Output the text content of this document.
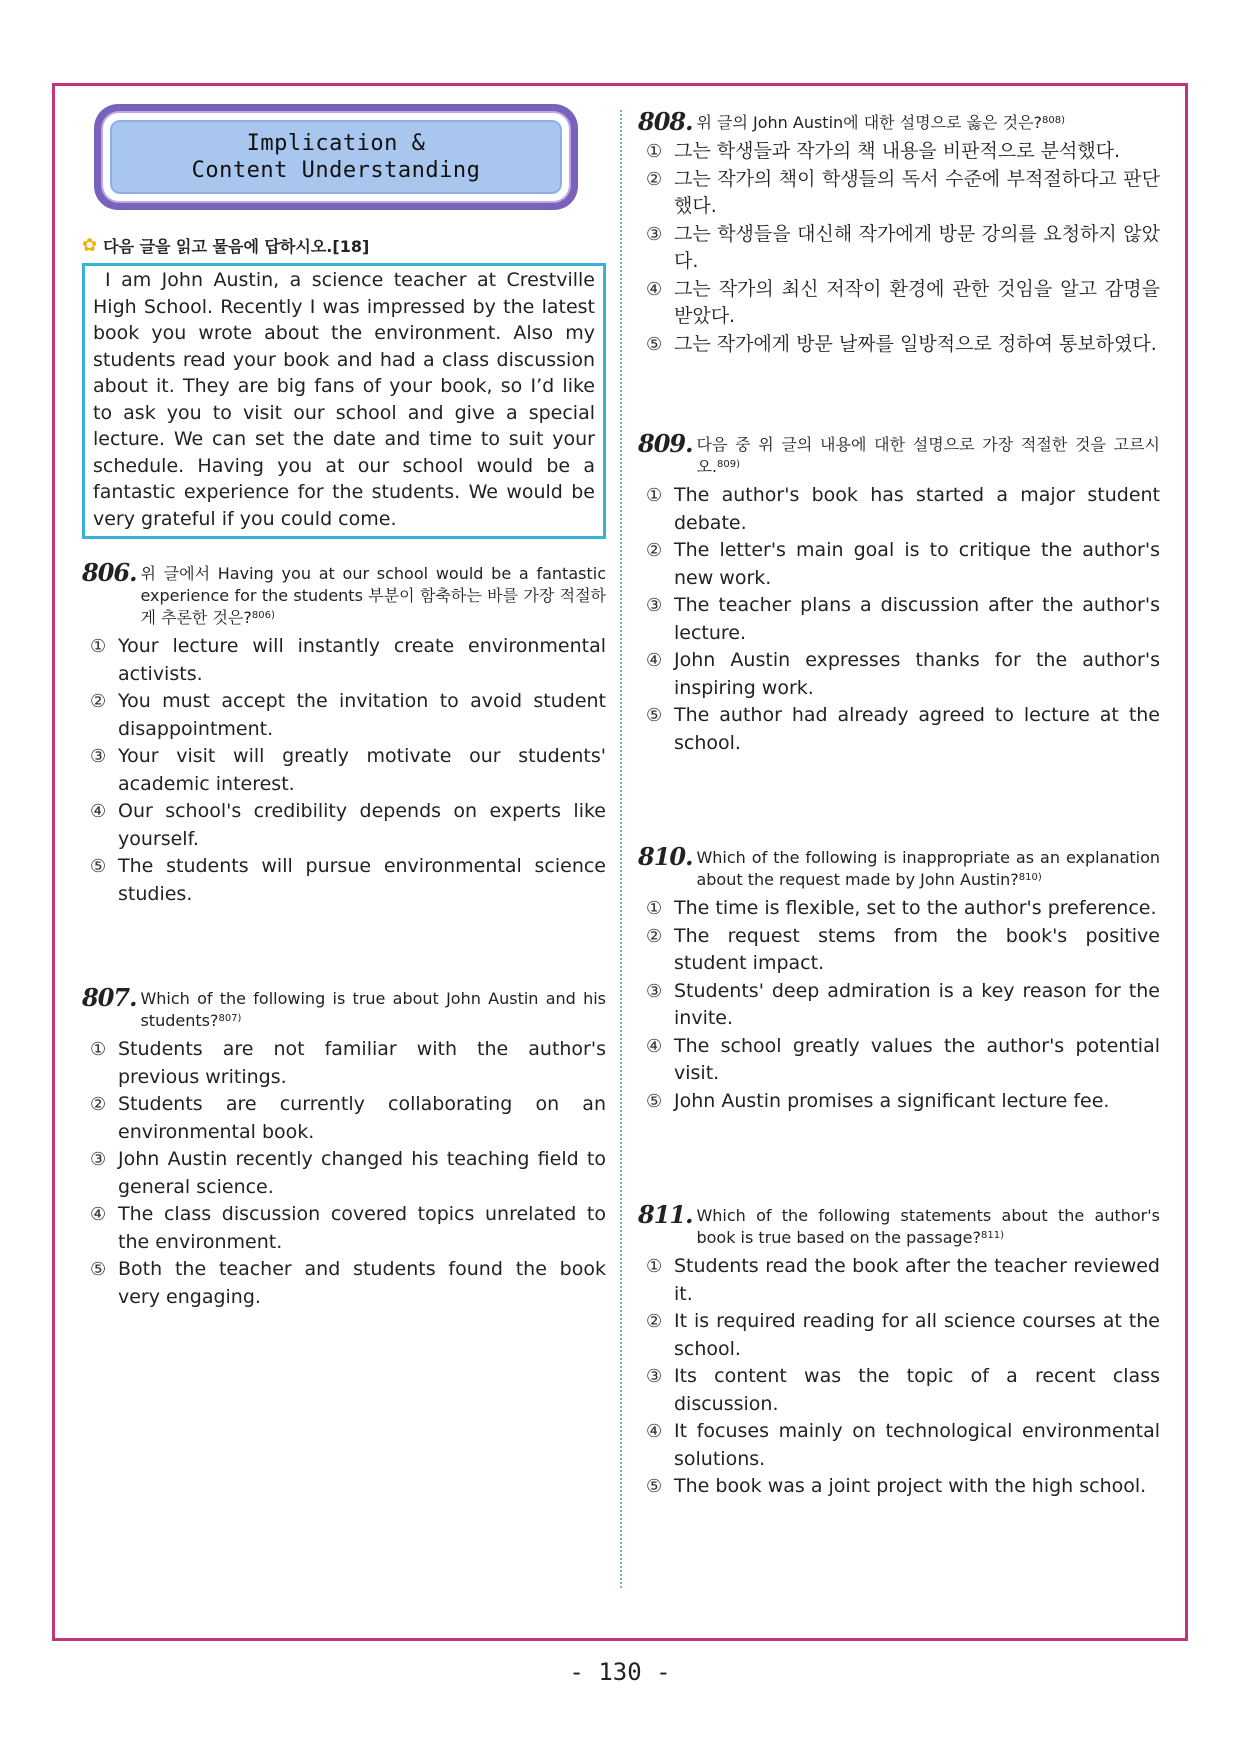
Implication &
Content Understanding
✿ 다음 글을 읽고 물음에 답하시오.[18]

I am John Austin, a science teacher at Crestville High School. Recently I was impressed by the latest book you wrote about the environment. Also my students read your book and had a class discussion about it. They are big fans of your book, so I’d like to ask you to visit our school and give a special lecture. We can set the date and time to suit your schedule. Having you at our school would be a fantastic experience for the students. We would be very grateful if you could come.

806. 위 글에서 Having you at our school would be a fantastic experience for the students 부분이 함축하는 바를 가장 적절하게 추론한 것은?$^{806)}$
① Your lecture will instantly create environmental activists.
② You must accept the invitation to avoid student disappointment.
③ Your visit will greatly motivate our students' academic interest.
④ Our school's credibility depends on experts like yourself.
⑤ The students will pursue environmental science studies.
807. Which of the following is true about John Austin and his students?$^{807)}$
① Students are not familiar with the author's previous writings.
② Students are currently collaborating on an environmental book.
③ John Austin recently changed his teaching field to general science.
④ The class discussion covered topics unrelated to the environment.
⑤ Both the teacher and students found the book very engaging.
808. 위 글의 John Austin에 대한 설명으로 옳은 것은?$^{808)}$
① 그는 학생들과 작가의 책 내용을 비판적으로 분석했다.
② 그는 작가의 책이 학생들의 독서 수준에 부적절하다고 판단했다.
③ 그는 학생들을 대신해 작가에게 방문 강의를 요청하지 않았다.
④ 그는 작가의 최신 저작이 환경에 관한 것임을 알고 감명을 받았다.
⑤ 그는 작가에게 방문 날짜를 일방적으로 정하여 통보하였다.
809. 다음 중 위 글의 내용에 대한 설명으로 가장 적절한 것을 고르시오.$^{809)}$
① The author's book has started a major student debate.
② The letter's main goal is to critique the author's new work.
③ The teacher plans a discussion after the author's lecture.
④ John Austin expresses thanks for the author's inspiring work.
⑤ The author had already agreed to lecture at the school.
810. Which of the following is inappropriate as an explanation about the request made by John Austin?$^{810)}$
① The time is flexible, set to the author's preference.
② The request stems from the book's positive student impact.
③ Students' deep admiration is a key reason for the invite.
④ The school greatly values the author's potential visit.
⑤ John Austin promises a significant lecture fee.
811. Which of the following statements about the author's book is true based on the passage?$^{811)}$
① Students read the book after the teacher reviewed it.
② It is required reading for all science courses at the school.
③ Its content was the topic of a recent class discussion.
④ It focuses mainly on technological environmental solutions.
⑤ The book was a joint project with the high school.
- 130 -
